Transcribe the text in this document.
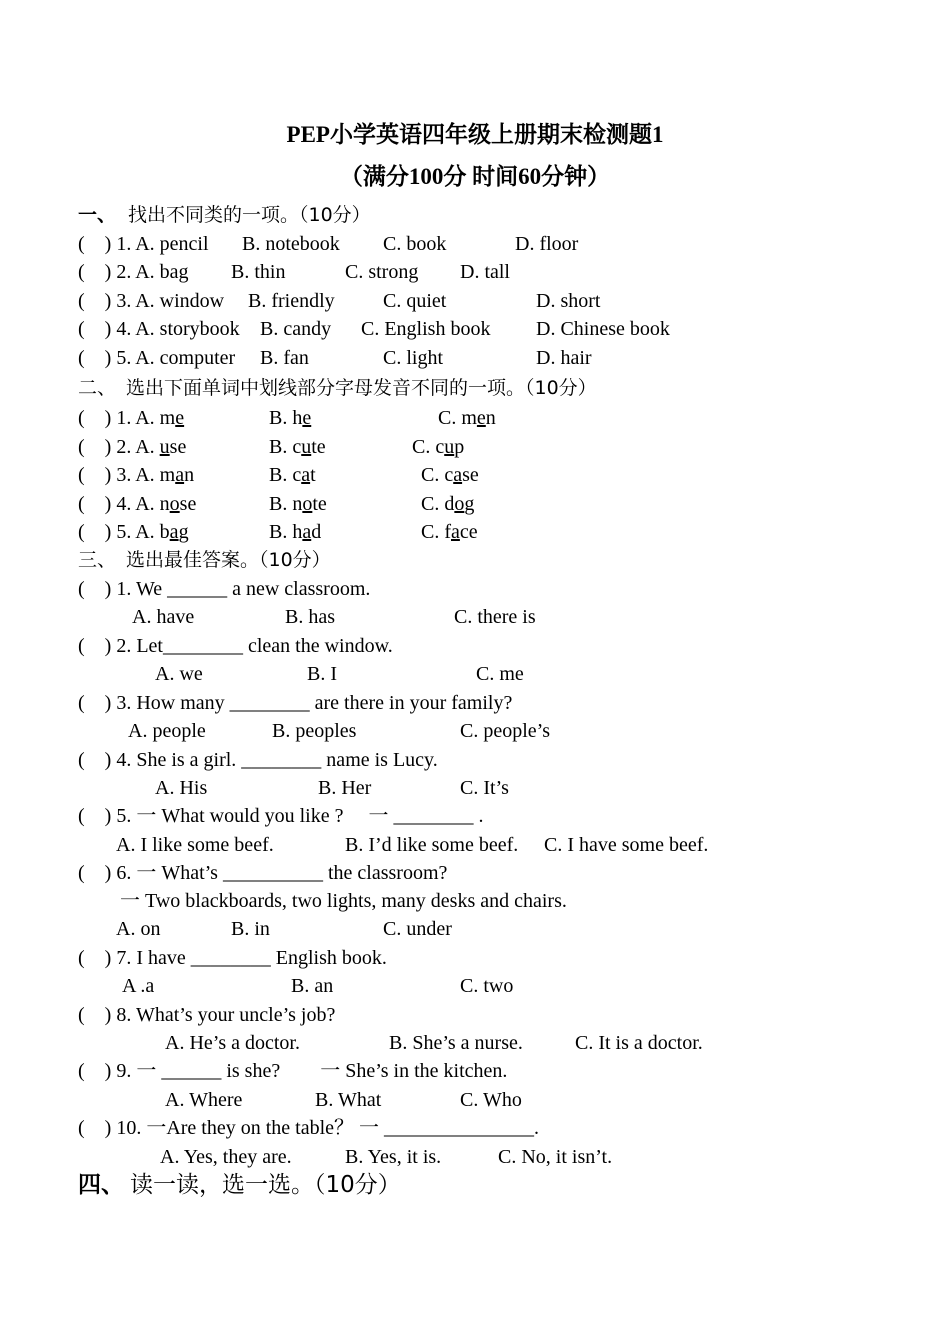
PEP小学英语四年级上册期末检测题1
（满分100分 时间60分钟）
一、 找出不同类的一项。（10分）
(　) 1. A. pencil B. notebook C. book	D. floor
(　) 2. A. bag B. thin	C. strong D. tall
(　) 3. A. window B. friendly C. quiet	D. short
(　) 4. A. storybook B. candy C. English book D. Chinese book
(　) 5. A. computer B. fan	C. light	D. hair
二、 选出下面单词中划线部分字母发音不同的一项。（10分）
(　) 1. A. me	B. he	C. men
(　) 2. A. use	B. cute	C. cup
(　) 3. A. man	B. cat	C. case
(　) 4. A. nose	B. note	C. dog
(　) 5. A. bag	B. had	C. face
三、 选出最佳答案。（10分）
(　) 1. We ______ a new classroom.
A. have	B. has	C. there is
(　) 2. Let________ clean the window.
A. we	B. I	C. me
(　) 3. How many ________ are there in your family?
A. people	B. peoples	C. people’s
(　) 4. She is a girl. ________ name is Lucy.
A. His	B. Her	C. It’s
(　) 5. 一 What would you like ?　 一 ________ .
A. I like some beef.	B. I’d like some beef. C. I have some beef.
(　) 6. 一 What’s __________ the classroom?
一 Two blackboards, two lights, many desks and chairs.
A. on	B. in	C. under
(　) 7. I have ________ English book.
A .a	B. an	C. two
(　) 8. What’s your uncle’s job?
A. He’s a doctor.	B. She’s a nurse.	C. It is a doctor.
(　) 9. 一 ______ is she?　　一 She’s in the kitchen.
A. Where	B. What	C. Who
(　) 10. 一Are they on the table？ 一 _______________.
A. Yes, they are.	B. Yes, it is.	C. No, it isn’t.
四、 读一读，选一选。（10分）
